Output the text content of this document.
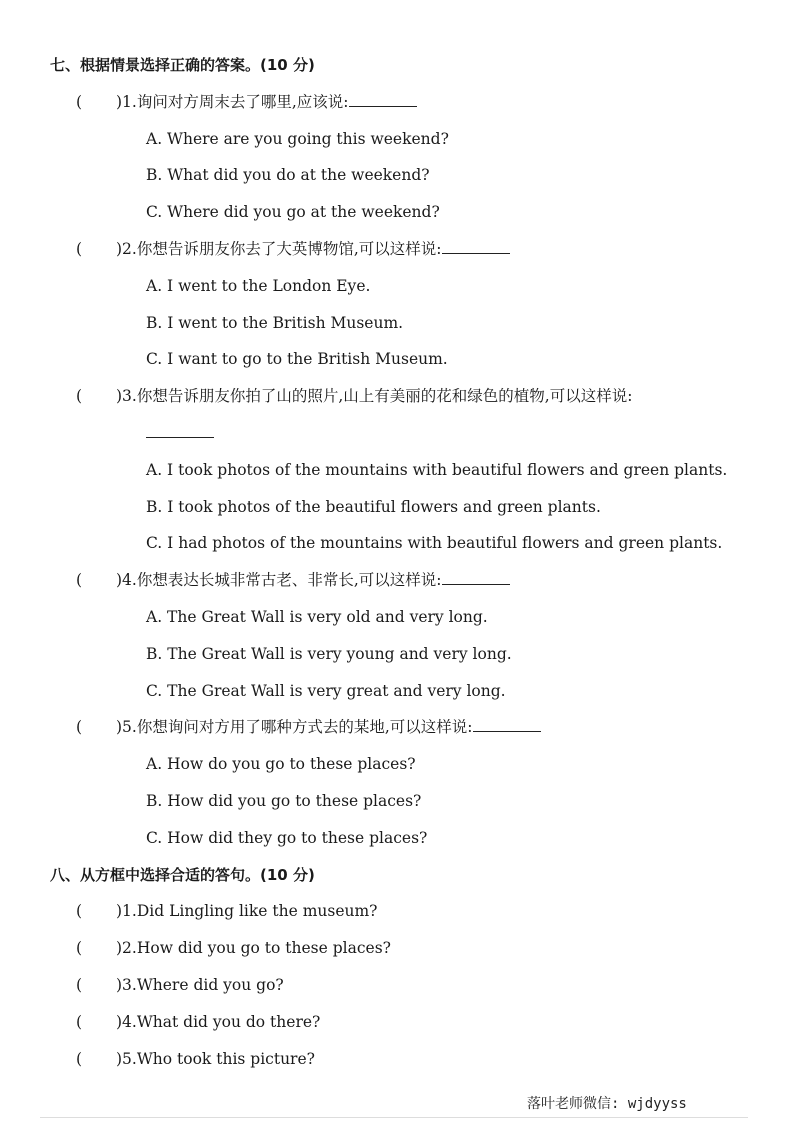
七、根据情景选择正确的答案。(10 分)
( )1.询问对方周末去了哪里,应该说:
A. Where are you going this weekend?
B. What did you do at the weekend?
C. Where did you go at the weekend?
( )2.你想告诉朋友你去了大英博物馆,可以这样说:
A. I went to the London Eye.
B. I went to the British Museum.
C. I want to go to the British Museum.
( )3.你想告诉朋友你拍了山的照片,山上有美丽的花和绿色的植物,可以这样说:
A. I took photos of the mountains with beautiful flowers and green plants.
B. I took photos of the beautiful flowers and green plants.
C. I had photos of the mountains with beautiful flowers and green plants.
( )4.你想表达长城非常古老、非常长,可以这样说:
A. The Great Wall is very old and very long.
B. The Great Wall is very young and very long.
C. The Great Wall is very great and very long.
( )5.你想询问对方用了哪种方式去的某地,可以这样说:
A. How do you go to these places?
B. How did you go to these places?
C. How did they go to these places?
八、从方框中选择合适的答句。(10 分)
( )1.Did Lingling like the museum?
( )2.How did you go to these places?
( )3.Where did you go?
( )4.What did you do there?
( )5.Who took this picture?
落叶老师微信: wjdyyss
